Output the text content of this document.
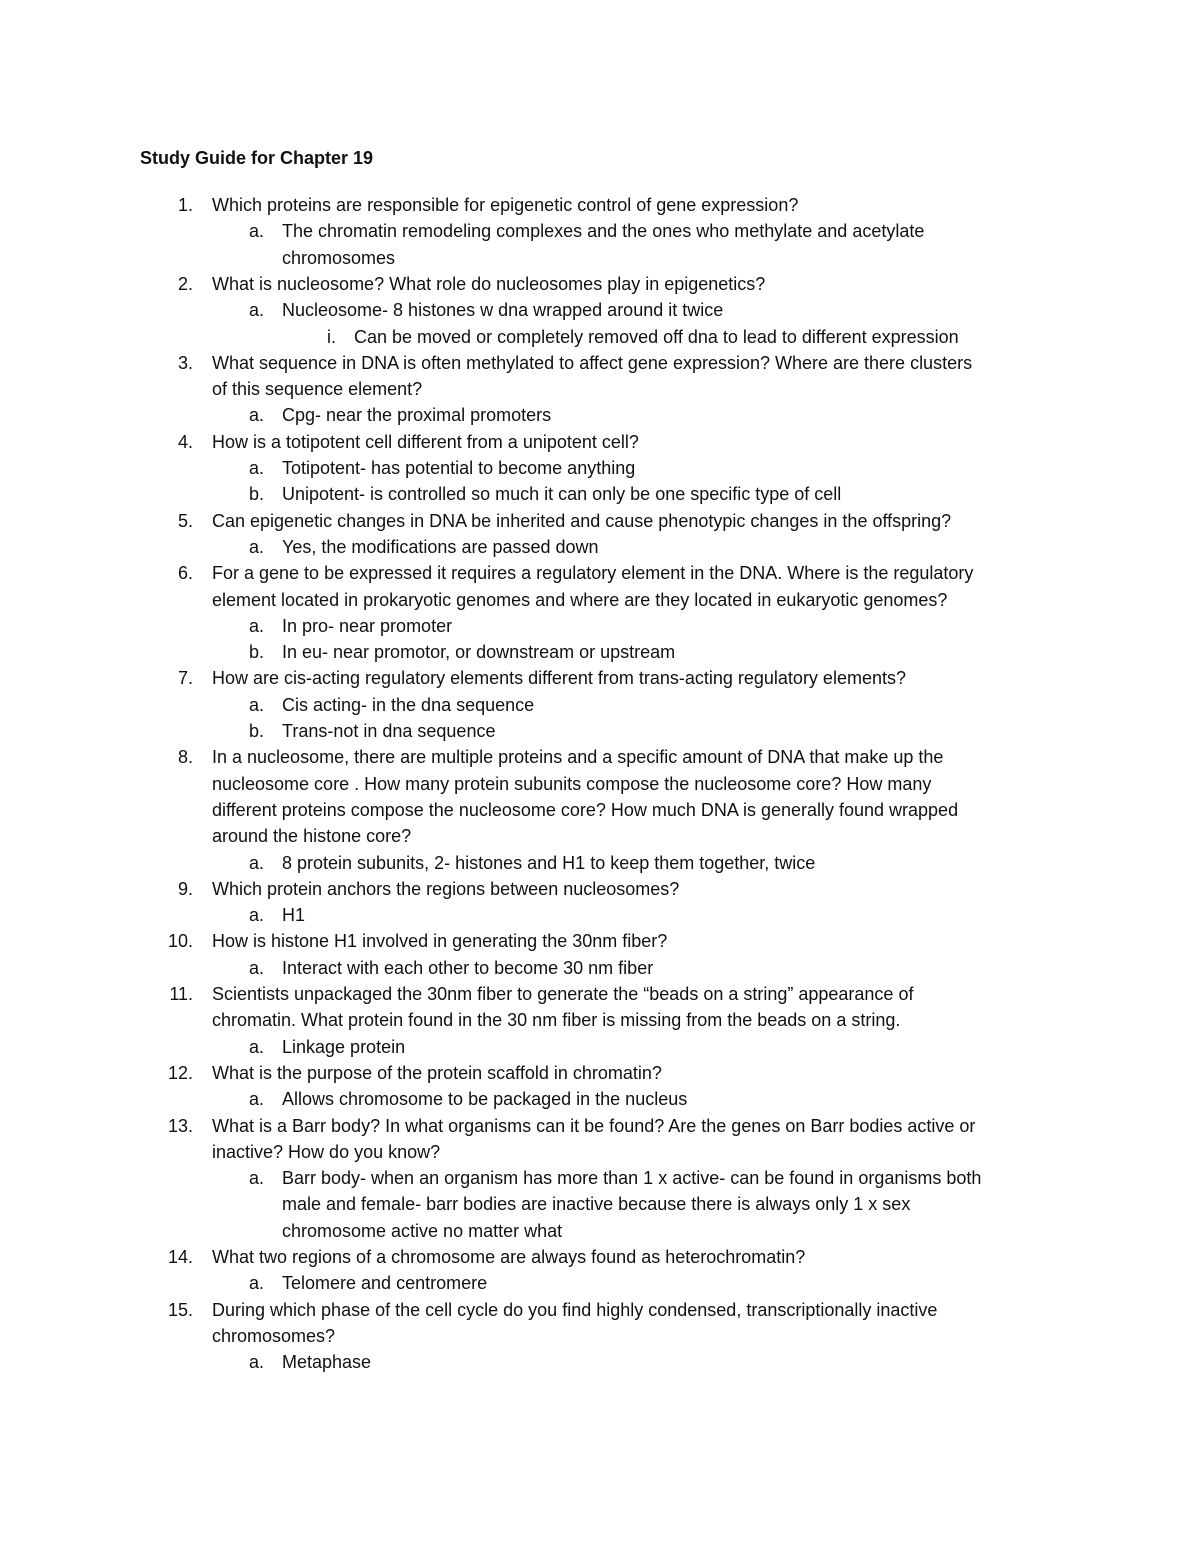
Study Guide for Chapter 19
1. Which proteins are responsible for epigenetic control of gene expression?
a. The chromatin remodeling complexes and the ones who methylate and acetylate
chromosomes
2. What is nucleosome? What role do nucleosomes play in epigenetics?
a. Nucleosome- 8 histones w dna wrapped around it twice
i. Can be moved or completely removed off dna to lead to different expression
3. What sequence in DNA is often methylated to affect gene expression? Where are there clusters
of this sequence element?
a. Cpg- near the proximal promoters
4. How is a totipotent cell different from a unipotent cell?
a. Totipotent- has potential to become anything
b. Unipotent- is controlled so much it can only be one specific type of cell
5. Can epigenetic changes in DNA be inherited and cause phenotypic changes in the offspring?
a. Yes, the modifications are passed down
6. For a gene to be expressed it requires a regulatory element in the DNA. Where is the regulatory
element located in prokaryotic genomes and where are they located in eukaryotic genomes?
a. In pro- near promoter
b. In eu- near promotor, or downstream or upstream
7. How are cis-acting regulatory elements different from trans-acting regulatory elements?
a. Cis acting- in the dna sequence
b. Trans-not in dna sequence
8. In a nucleosome, there are multiple proteins and a specific amount of DNA that make up the
nucleosome core . How many protein subunits compose the nucleosome core? How many
different proteins compose the nucleosome core? How much DNA is generally found wrapped
around the histone core?
a. 8 protein subunits, 2- histones and H1 to keep them together, twice
9. Which protein anchors the regions between nucleosomes?
a. H1
10. How is histone H1 involved in generating the 30nm fiber?
a. Interact with each other to become 30 nm fiber
11. Scientists unpackaged the 30nm fiber to generate the “beads on a string” appearance of
chromatin. What protein found in the 30 nm fiber is missing from the beads on a string.
a. Linkage protein
12. What is the purpose of the protein scaffold in chromatin?
a. Allows chromosome to be packaged in the nucleus
13. What is a Barr body? In what organisms can it be found? Are the genes on Barr bodies active or
inactive? How do you know?
a. Barr body- when an organism has more than 1 x active- can be found in organisms both
male and female- barr bodies are inactive because there is always only 1 x sex
chromosome active no matter what
14. What two regions of a chromosome are always found as heterochromatin?
a. Telomere and centromere
15. During which phase of the cell cycle do you find highly condensed, transcriptionally inactive
chromosomes?
a. Metaphase
